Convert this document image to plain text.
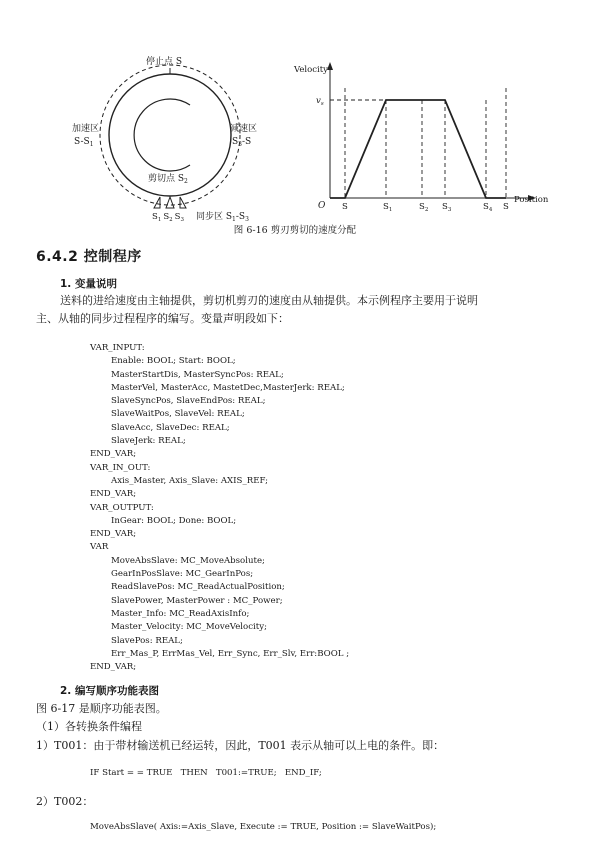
停止点 S
加速区
$S-S_1$
减速区
$S_3-S$
剪切点 $S_2$
$S_1$ $S_2$ $S_3$ 同步区 $S_1-S_3$
Velocity
$v_s$
O S	$S_1$	$S_2$ $S_3$	$S_4$ S
Position
图 6-16 剪刃剪切的速度分配
6.4.2 控制程序
1. 变量说明
送料的进给速度由主轴提供，剪切机剪刃的速度由从轴提供。本示例程序主要用于说明
主、从轴的同步过程程序的编写。变量声明段如下：
VAR_INPUT:
Enable: BOOL; Start: BOOL;
MasterStartDis, MasterSyncPos: REAL;
MasterVel, MasterAcc, MastetDec,MasterJerk: REAL;
SlaveSyncPos, SlaveEndPos: REAL;
SlaveWaitPos, SlaveVel: REAL;
SlaveAcc, SlaveDec: REAL;
SlaveJerk: REAL;
END_VAR;
VAR_IN_OUT:
Axis_Master, Axis_Slave: AXIS_REF;
END_VAR;
VAR_OUTPUT:
InGear: BOOL; Done: BOOL;
END_VAR;
VAR
MoveAbsSlave: MC_MoveAbsolute;
GearInPosSlave: MC_GearInPos;
ReadSlavePos: MC_ReadActualPosition;
SlavePower, MasterPower : MC_Power;
Master_Info: MC_ReadAxisInfo;
Master_Velocity: MC_MoveVelocity;
SlavePos: REAL;
Err_Mas_P, ErrMas_Vel, Err_Sync, Err_Slv, Err:BOOL ;
END_VAR;
2. 编写顺序功能表图
图 6-17 是顺序功能表图。
（1）各转换条件编程
1）T001：由于带材输送机已经运转，因此，T001 表示从轴可以上电的条件。即：
IF Start = = TRUE   THEN   T001:=TRUE;   END_IF;
2）T002：
MoveAbsSlave( Axis:=Axis_Slave, Execute := TRUE, Position := SlaveWaitPos);
